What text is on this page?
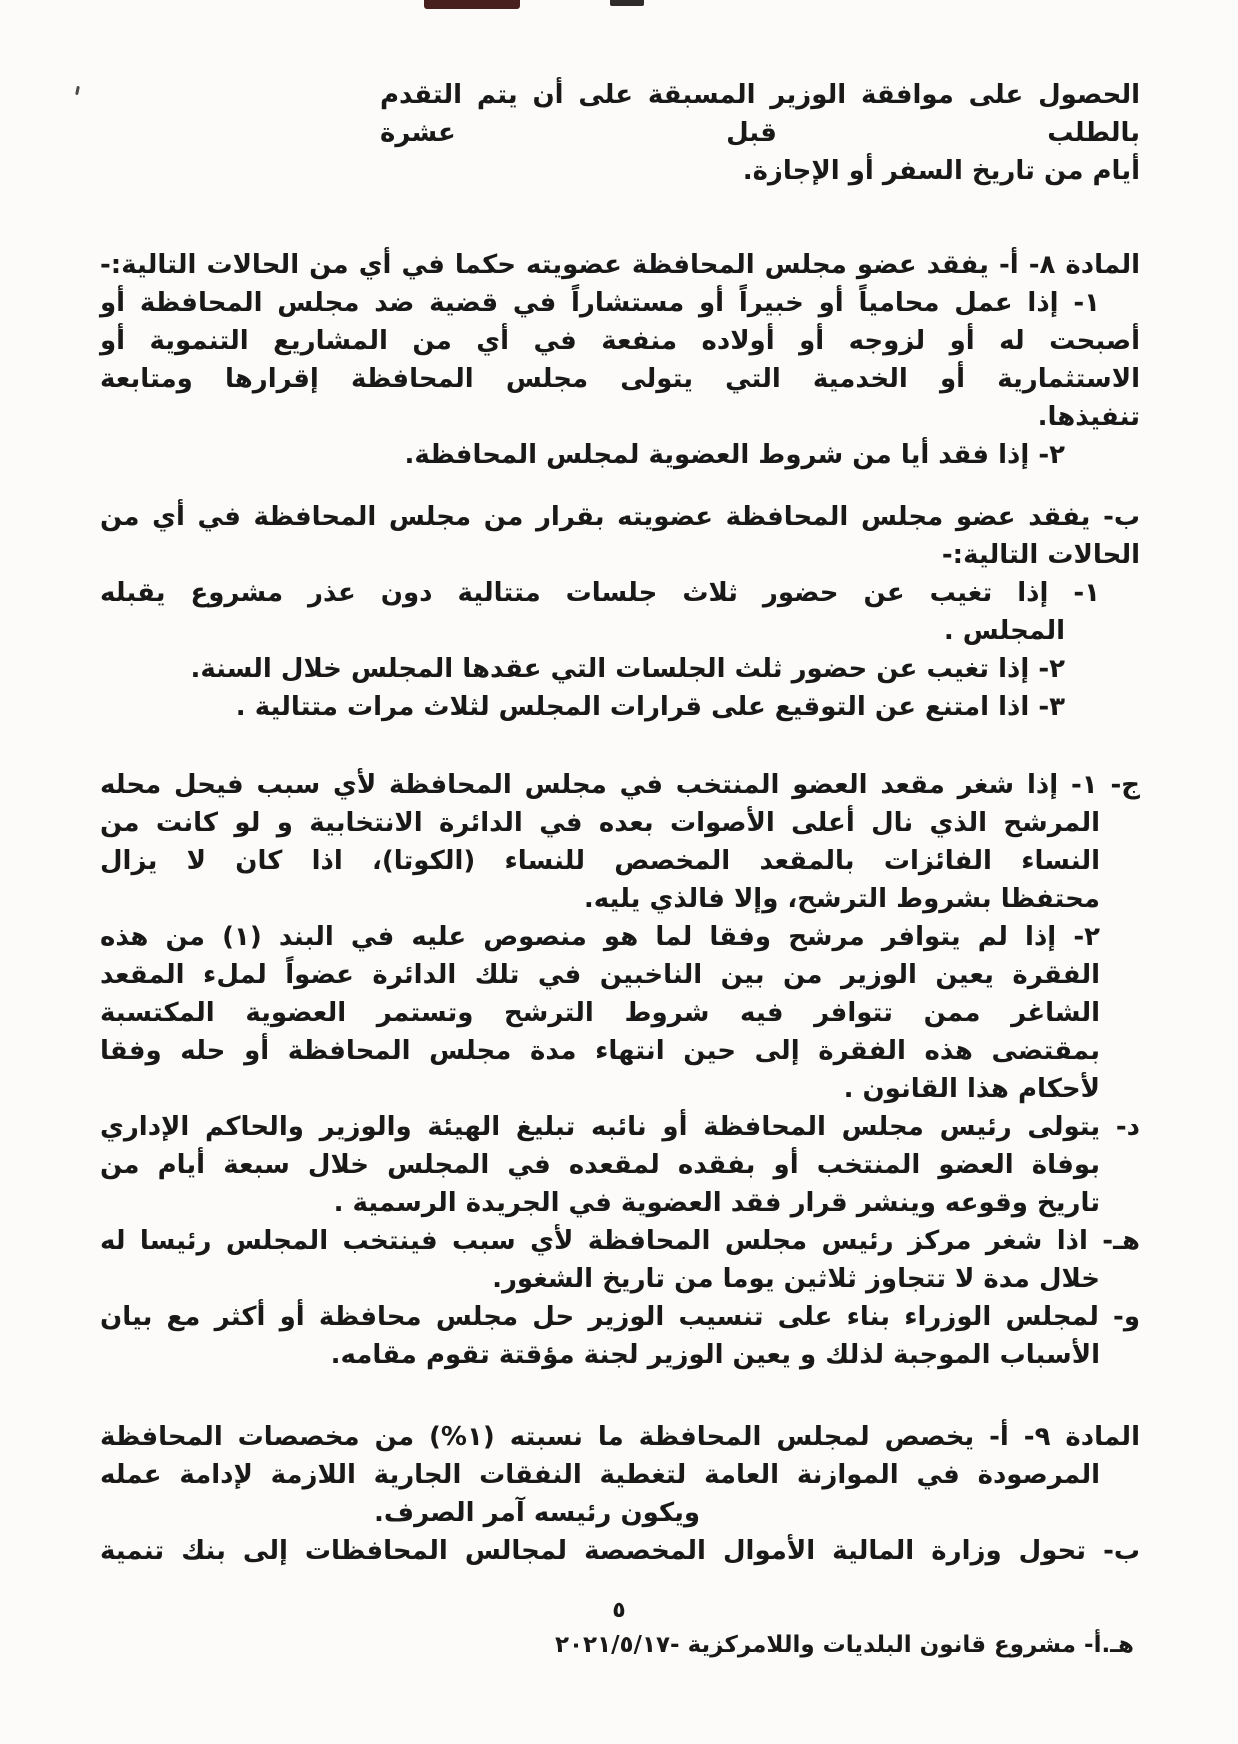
الحصول على موافقة الوزير المسبقة على أن يتم التقدم بالطلب قبل عشرة
أيام من تاريخ السفر أو الإجازة.
المادة ٨- أ- يفقد عضو مجلس المحافظة عضويته حكما في أي من الحالات التالية:-
١- إذا عمل محامياً أو خبيراً أو مستشاراً في قضية ضد مجلس المحافظة أو
أصبحت له أو لزوجه أو أولاده منفعة في أي من المشاريع التنموية أو
الاستثمارية أو الخدمية التي يتولى مجلس المحافظة إقرارها ومتابعة
تنفيذها.
٢- إذا فقد أيا من شروط العضوية لمجلس المحافظة.
ب- يفقد عضو مجلس المحافظة عضويته بقرار من مجلس المحافظة في أي من
الحالات التالية:-
١- إذا تغيب عن حضور ثلاث جلسات متتالية دون عذر مشروع يقبله
المجلس .
٢- إذا تغيب عن حضور ثلث الجلسات التي عقدها المجلس خلال السنة.
٣- اذا امتنع عن التوقيع على قرارات المجلس لثلاث مرات متتالية .
ج- ١- إذا شغر مقعد العضو المنتخب في مجلس المحافظة لأي سبب فيحل محله
المرشح الذي نال أعلى الأصوات بعده في الدائرة الانتخابية و لو كانت من
النساء الفائزات بالمقعد المخصص للنساء (الكوتا)، اذا كان لا يزال
محتفظا بشروط الترشح، وإلا فالذي يليه.
٢- إذا لم يتوافر مرشح وفقا لما هو منصوص عليه في البند (١) من هذه
الفقرة يعين الوزير من بين الناخبين في تلك الدائرة عضواً لملء المقعد
الشاغر ممن تتوافر فيه شروط الترشح وتستمر العضوية المكتسبة
بمقتضى هذه الفقرة إلى حين انتهاء مدة مجلس المحافظة أو حله وفقا
لأحكام هذا القانون .
د- يتولى رئيس مجلس المحافظة أو نائبه تبليغ الهيئة والوزير والحاكم الإداري
بوفاة العضو المنتخب أو بفقده لمقعده في المجلس خلال سبعة أيام من
تاريخ وقوعه وينشر قرار فقد العضوية في الجريدة الرسمية .
هـ- اذا شغر مركز رئيس مجلس المحافظة لأي سبب فينتخب المجلس رئيسا له
خلال مدة لا تتجاوز ثلاثين يوما من تاريخ الشغور.
و- لمجلس الوزراء بناء على تنسيب الوزير حل مجلس محافظة أو أكثر مع بيان
الأسباب الموجبة لذلك و يعين الوزير لجنة مؤقتة تقوم مقامه.
المادة ٩- أ- يخصص لمجلس المحافظة ما نسبته (١%) من مخصصات المحافظة
المرصودة في الموازنة العامة لتغطية النفقات الجارية اللازمة لإدامة عمله
ويكون رئيسه آمر الصرف.
ب- تحول وزارة المالية الأموال المخصصة لمجالس المحافظات إلى بنك تنمية
٥
هـ.أ- مشروع قانون البلديات واللامركزية -٢٠٢١/٥/١٧
